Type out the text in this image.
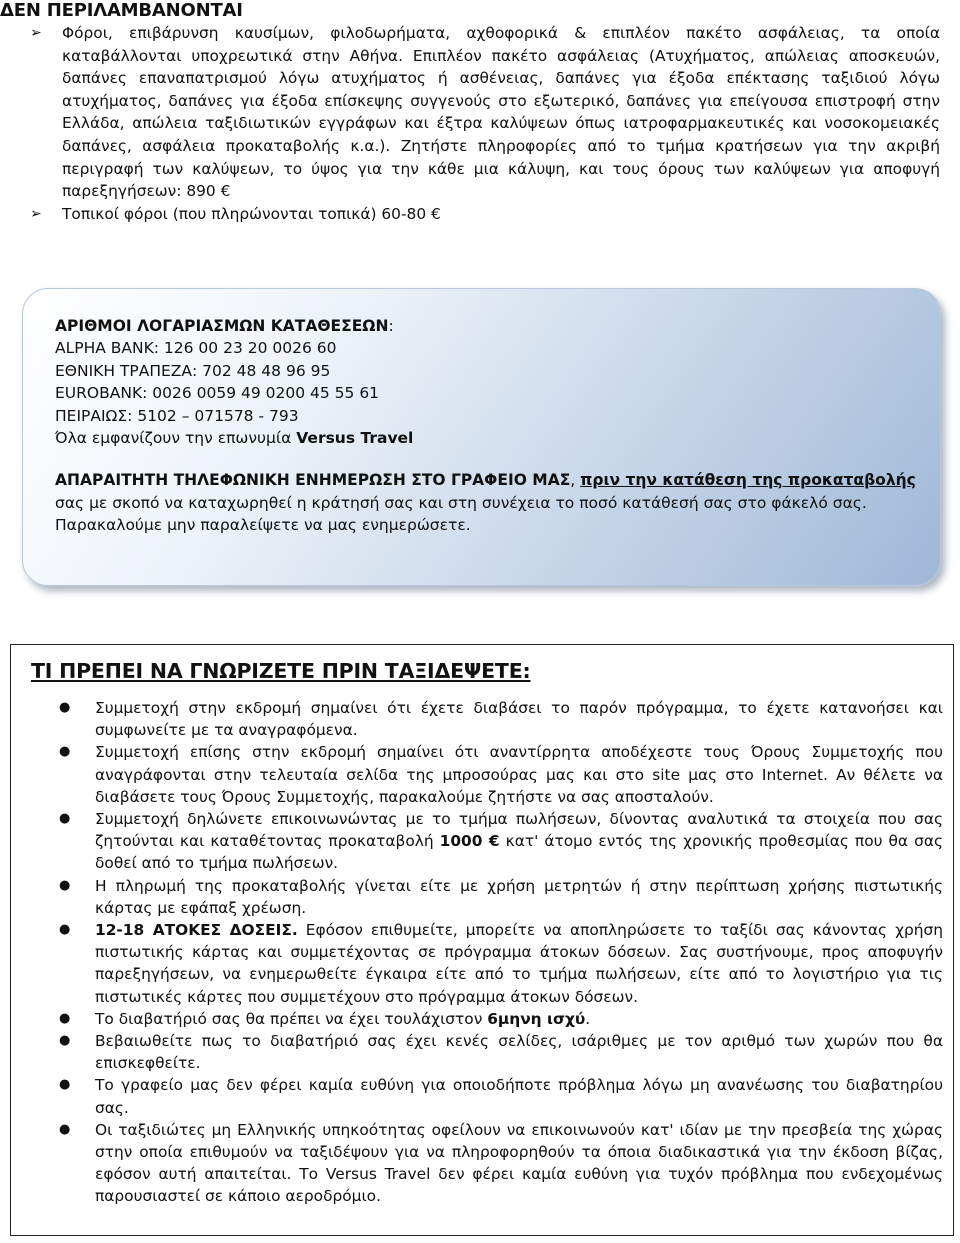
ΔΕΝ ΠΕΡΙΛΑΜΒΑΝΟΝΤΑΙ
➢ Φόροι, επιβάρυνση καυσίμων, φιλοδωρήματα, αχθοφορικά & επιπλέον πακέτο ασφάλειας, τα οποία καταβάλλονται υποχρεωτικά στην Αθήνα. Επιπλέον πακέτο ασφάλειας (Ατυχήματος, απώλειας αποσκευών, δαπάνες επαναπατρισμού λόγω ατυχήματος ή ασθένειας, δαπάνες για έξοδα επέκτασης ταξιδιού λόγω ατυχήματος, δαπάνες για έξοδα επίσκεψης συγγενούς στο εξωτερικό, δαπάνες για επείγουσα επιστροφή στην Ελλάδα, απώλεια ταξιδιωτικών εγγράφων και έξτρα καλύψεων όπως ιατροφαρμακευτικές και νοσοκομειακές δαπάνες, ασφάλεια προκαταβολής κ.α.). Ζητήστε πληροφορίες από το τμήμα κρατήσεων για την ακριβή περιγραφή των καλύψεων, το ύψος για την κάθε μια κάλυψη, και τους όρους των καλύψεων για αποφυγή παρεξηγήσεων: 890 €
➢ Τοπικοί φόροι (που πληρώνονται τοπικά) 60-80 €
ΑΡΙΘΜΟΙ ΛΟΓΑΡΙΑΣΜΩΝ ΚΑΤΑΘΕΣΕΩΝ:
ALPHA BANK: 126 00 23 20 0026 60
ΕΘΝΙΚΗ ΤΡΑΠΕΖΑ: 702 48 48 96 95
EUROBANK: 0026 0059 49 0200 45 55 61
ΠΕΙΡΑΙΩΣ: 5102 – 071578 - 793
Όλα εμφανίζουν την επωνυμία Versus Travel
ΑΠΑΡΑΙΤΗΤΗ ΤΗΛΕΦΩΝΙΚΗ ΕΝΗΜΕΡΩΣΗ ΣΤΟ ΓΡΑΦΕΙΟ ΜΑΣ, πριν την κατάθεση της προκαταβολής
σας με σκοπό να καταχωρηθεί η κράτησή σας και στη συνέχεια το ποσό κατάθεσή σας στο φάκελό σας.
Παρακαλούμε μην παραλείψετε να μας ενημερώσετε.
ΤΙ ΠΡΕΠΕΙ ΝΑ ΓΝΩΡΙΖΕΤΕ ΠΡΙΝ ΤΑΞΙΔΕΨΕΤΕ:
● Συμμετοχή στην εκδρομή σημαίνει ότι έχετε διαβάσει το παρόν πρόγραμμα, το έχετε κατανοήσει και συμφωνείτε με τα αναγραφόμενα.
● Συμμετοχή επίσης στην εκδρομή σημαίνει ότι αναντίρρητα αποδέχεστε τους Όρους Συμμετοχής που αναγράφονται στην τελευταία σελίδα της μπροσούρας μας και στο site μας στο Internet. Αν θέλετε να διαβάσετε τους Όρους Συμμετοχής, παρακαλούμε ζητήστε να σας αποσταλούν.
● Συμμετοχή δηλώνετε επικοινωνώντας με το τμήμα πωλήσεων, δίνοντας αναλυτικά τα στοιχεία που σας ζητούνται και καταθέτοντας προκαταβολή 1000 € κατ' άτομο εντός της χρονικής προθεσμίας που θα σας δοθεί από το τμήμα πωλήσεων.
● Η πληρωμή της προκαταβολής γίνεται είτε με χρήση μετρητών ή στην περίπτωση χρήσης πιστωτικής κάρτας με εφάπαξ χρέωση.
● 12-18 ΑΤΟΚΕΣ ΔΟΣΕΙΣ. Εφόσον επιθυμείτε, μπορείτε να αποπληρώσετε το ταξίδι σας κάνοντας χρήση πιστωτικής κάρτας και συμμετέχοντας σε πρόγραμμα άτοκων δόσεων. Σας συστήνουμε, προς αποφυγήν παρεξηγήσεων, να ενημερωθείτε έγκαιρα είτε από το τμήμα πωλήσεων, είτε από το λογιστήριο για τις πιστωτικές κάρτες που συμμετέχουν στο πρόγραμμα άτοκων δόσεων.
● Το διαβατήριό σας θα πρέπει να έχει τουλάχιστον 6μηνη ισχύ.
● Βεβαιωθείτε πως το διαβατήριό σας έχει κενές σελίδες, ισάριθμες με τον αριθμό των χωρών που θα επισκεφθείτε.
● Το γραφείο μας δεν φέρει καμία ευθύνη για οποιοδήποτε πρόβλημα λόγω μη ανανέωσης του διαβατηρίου σας.
● Οι ταξιδιώτες μη Ελληνικής υπηκοότητας οφείλουν να επικοινωνούν κατ' ιδίαν με την πρεσβεία της χώρας στην οποία επιθυμούν να ταξιδέψουν για να πληροφορηθούν τα όποια διαδικαστικά για την έκδοση βίζας, εφόσον αυτή απαιτείται. Το Versus Travel δεν φέρει καμία ευθύνη για τυχόν πρόβλημα που ενδεχομένως παρουσιαστεί σε κάποιο αεροδρόμιο.
